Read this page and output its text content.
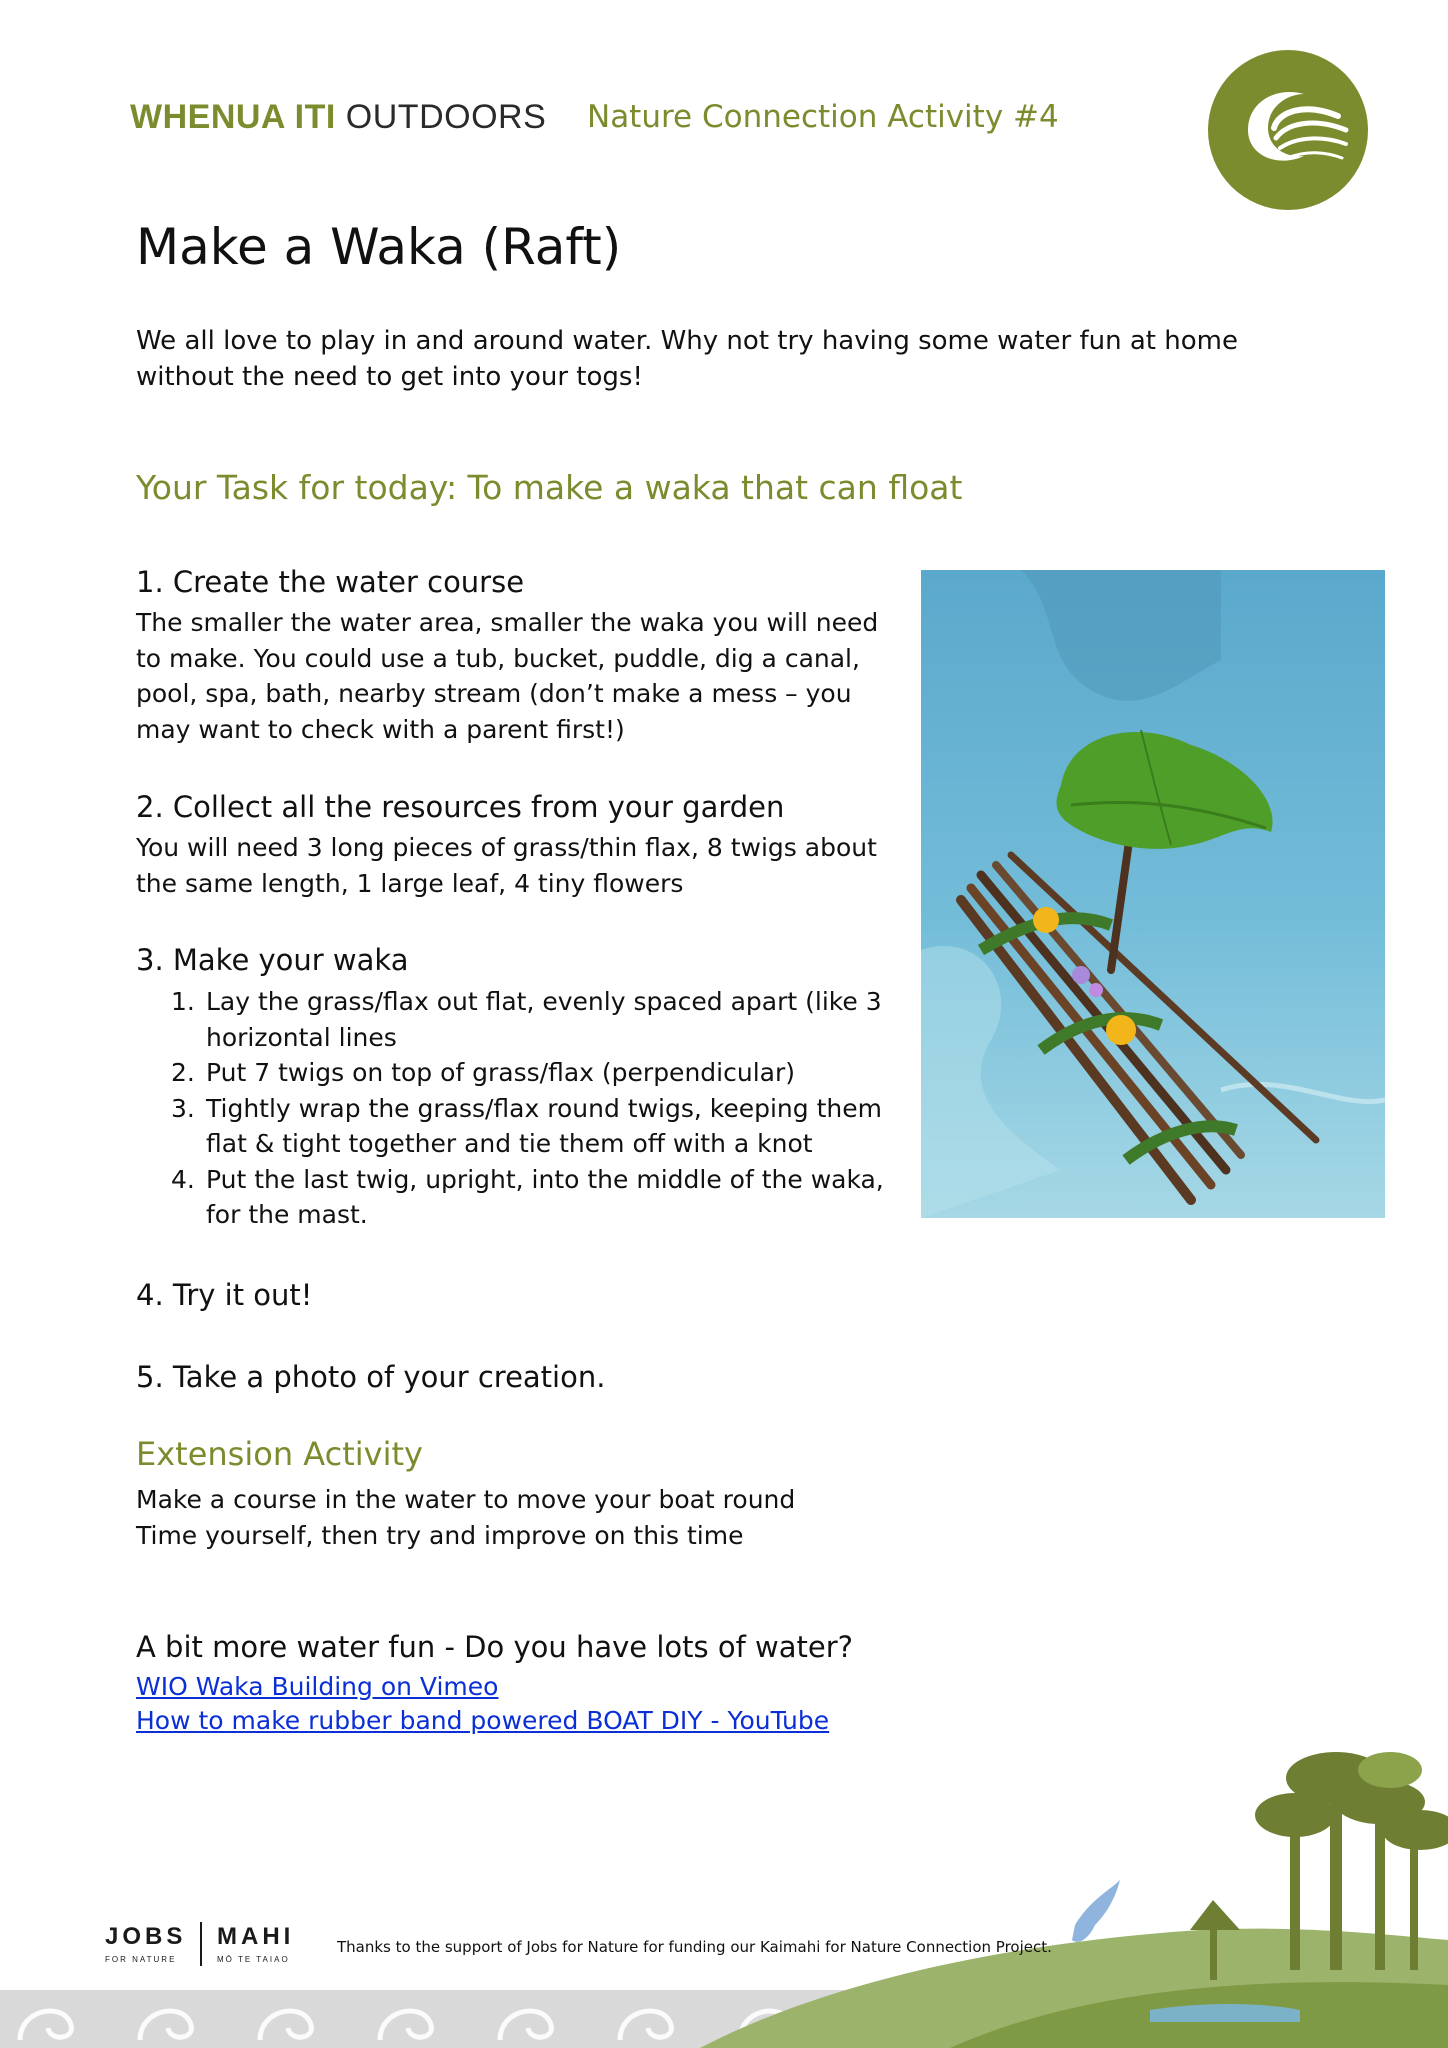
WHENUA ITI OUTDOORS Nature Connection Activity #4
Make a Waka (Raft)
We all love to play in and around water. Why not try having some water fun at home without the need to get into your togs!
Your Task for today: To make a waka that can float
1. Create the water course
The smaller the water area, smaller the waka you will need to make. You could use a tub, bucket, puddle, dig a canal, pool, spa, bath, nearby stream (don’t make a mess – you may want to check with a parent first!)
2. Collect all the resources from your garden
You will need 3 long pieces of grass/thin flax, 8 twigs about the same length, 1 large leaf, 4 tiny flowers
3. Make your waka
1. Lay the grass/flax out flat, evenly spaced apart (like 3 horizontal lines
2. Put 7 twigs on top of grass/flax (perpendicular)
3. Tightly wrap the grass/flax round twigs, keeping them flat & tight together and tie them off with a knot
4. Put the last twig, upright, into the middle of the waka, for the mast.
4. Try it out!
5. Take a photo of your creation.
Extension Activity
Make a course in the water to move your boat round
Time yourself, then try and improve on this time
A bit more water fun - Do you have lots of water?
WIO Waka Building on Vimeo
How to make rubber band powered BOAT DIY - YouTube
JOBS
FOR NATURE
MAHI
MŌ TE TAIAO
Thanks to the support of Jobs for Nature for funding our Kaimahi for Nature Connection Project.
